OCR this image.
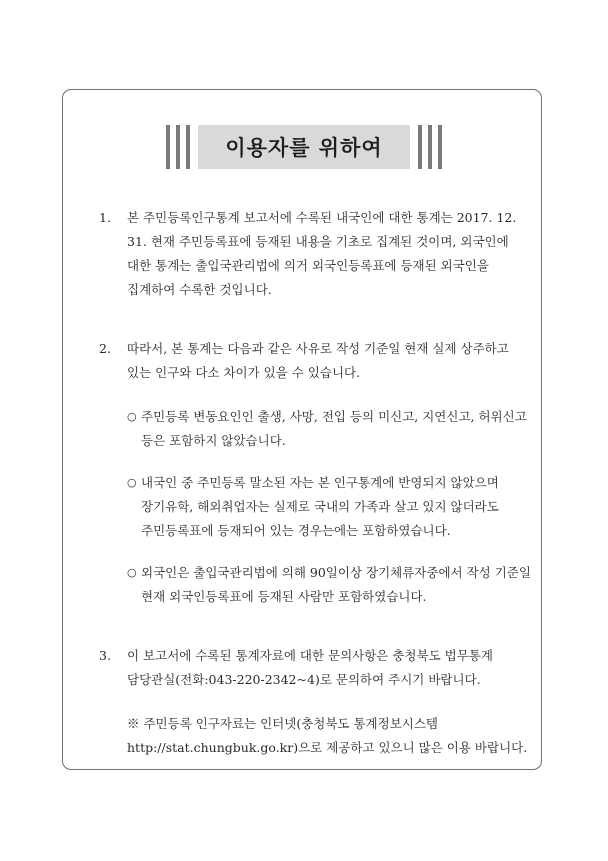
이용자를 위하여
1.	본 주민등록인구통계 보고서에 수록된 내국인에 대한 통계는 2017. 12.
31. 현재 주민등록표에 등재된 내용을 기초로 집계된 것이며, 외국인에
대한 통계는 출입국관리법에 의거 외국인등록표에 등재된 외국인을
집계하여 수록한 것입니다.
2.	따라서, 본 통계는 다음과 같은 사유로 작성 기준일 현재 실제 상주하고
있는 인구와 다소 차이가 있을 수 있습니다.
○ 주민등록 변동요인인 출생, 사망, 전입 등의 미신고, 지연신고, 허위신고
등은 포함하지 않았습니다.
○ 내국인 중 주민등록 말소된 자는 본 인구통계에 반영되지 않았으며
장기유학, 해외취업자는 실제로 국내의 가족과 살고 있지 않더라도
주민등록표에 등재되어 있는 경우는에는 포함하였습니다.
○ 외국인은 출입국관리법에 의해 90일이상 장기체류자중에서 작성 기준일
현재 외국인등록표에 등재된 사람만 포함하였습니다.
3.	이 보고서에 수록된 통계자료에 대한 문의사항은 충청북도 법무통계
담당관실(전화:043-220-2342~4)로 문의하여 주시기 바랍니다.
※ 주민등록 인구자료는 인터넷(충청북도 통계정보시스템
http://stat.chungbuk.go.kr)으로 제공하고 있으니 많은 이용 바랍니다.
